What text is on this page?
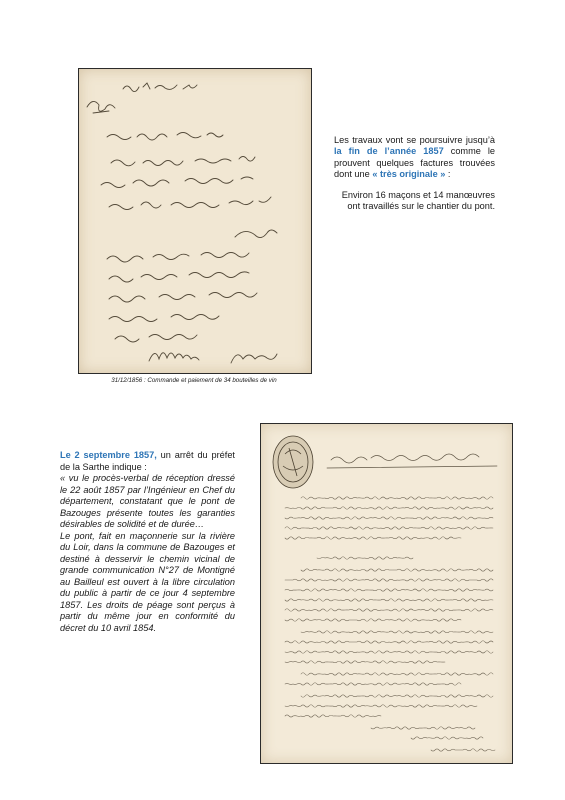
31/12/1856 : Commande et paiement de 34 bouteilles de vin

Les travaux vont se poursuivre jusqu’à la fin de l’année 1857 comme le prouvent quelques factures trouvées dont une « très originale » :

Environ 16 maçons et 14 manœuvres ont travaillés sur le chantier du pont.

Le 2 septembre 1857, un arrêt du préfet de la Sarthe indique :

« vu le procès-verbal de réception dressé le 22 août 1857 par l’Ingénieur en Chef du département, constatant que le pont de Bazouges présente toutes les garanties désirables de solidité et de durée…

Le pont, fait en maçonnerie sur la rivière du Loir, dans la commune de Bazouges et destiné à desservir le chemin vicinal de grande communication N°27 de Montigné au Bailleul est ouvert à la libre circulation du public à partir de ce jour 4 septembre 1857. Les droits de péage sont perçus à partir du même jour en conformité du décret du 10 avril 1854.
